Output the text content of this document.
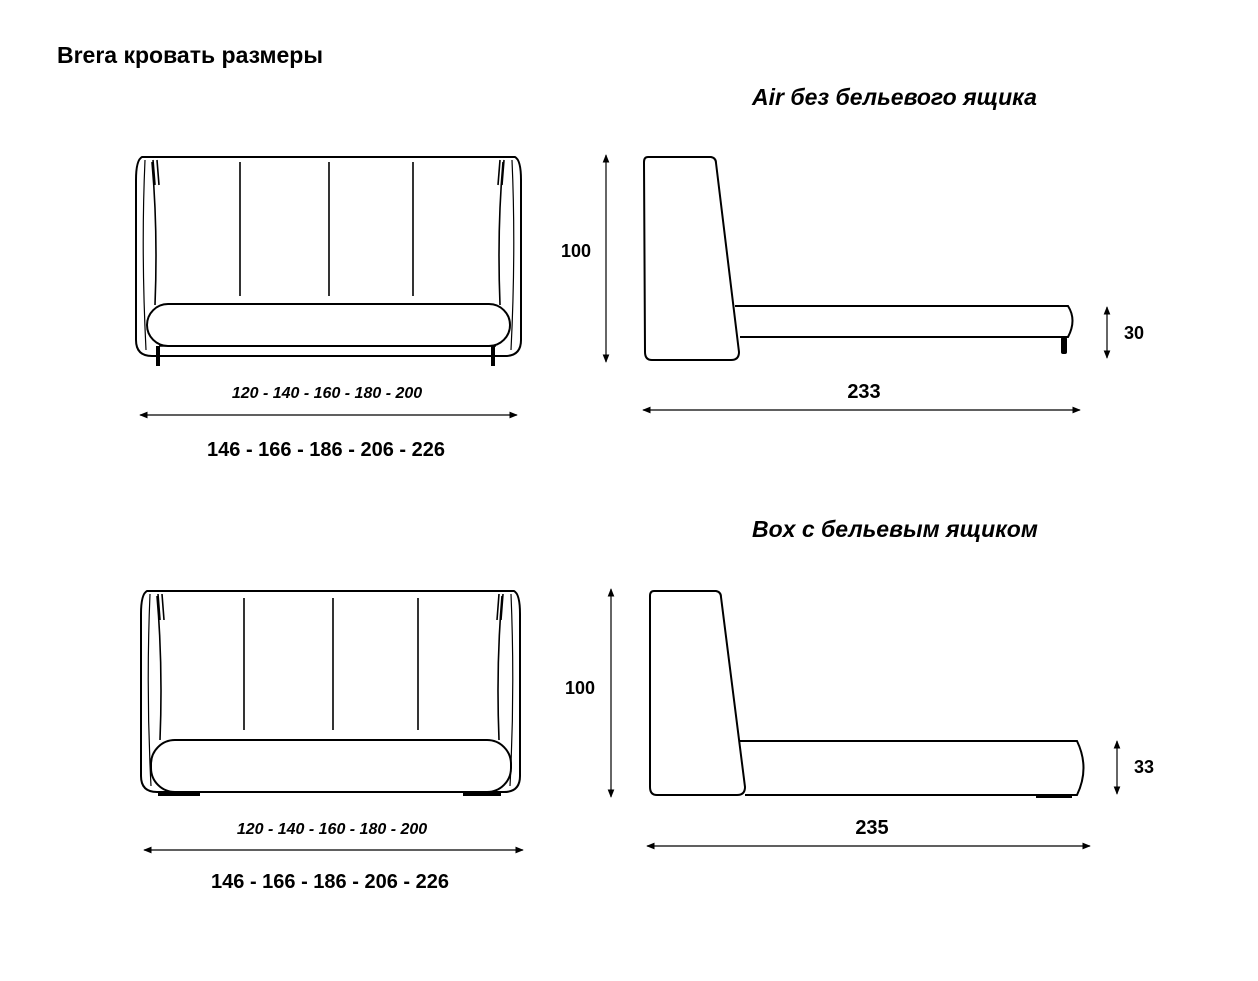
Brera кровать размеры
Air без бельевого ящика
120 - 140 - 160 - 180 - 200
146 - 166 - 186 - 206 - 226
100
30
233
Box с бельевым ящиком
120 - 140 - 160 - 180 - 200
146 - 166 - 186 - 206 - 226
100
33
235
